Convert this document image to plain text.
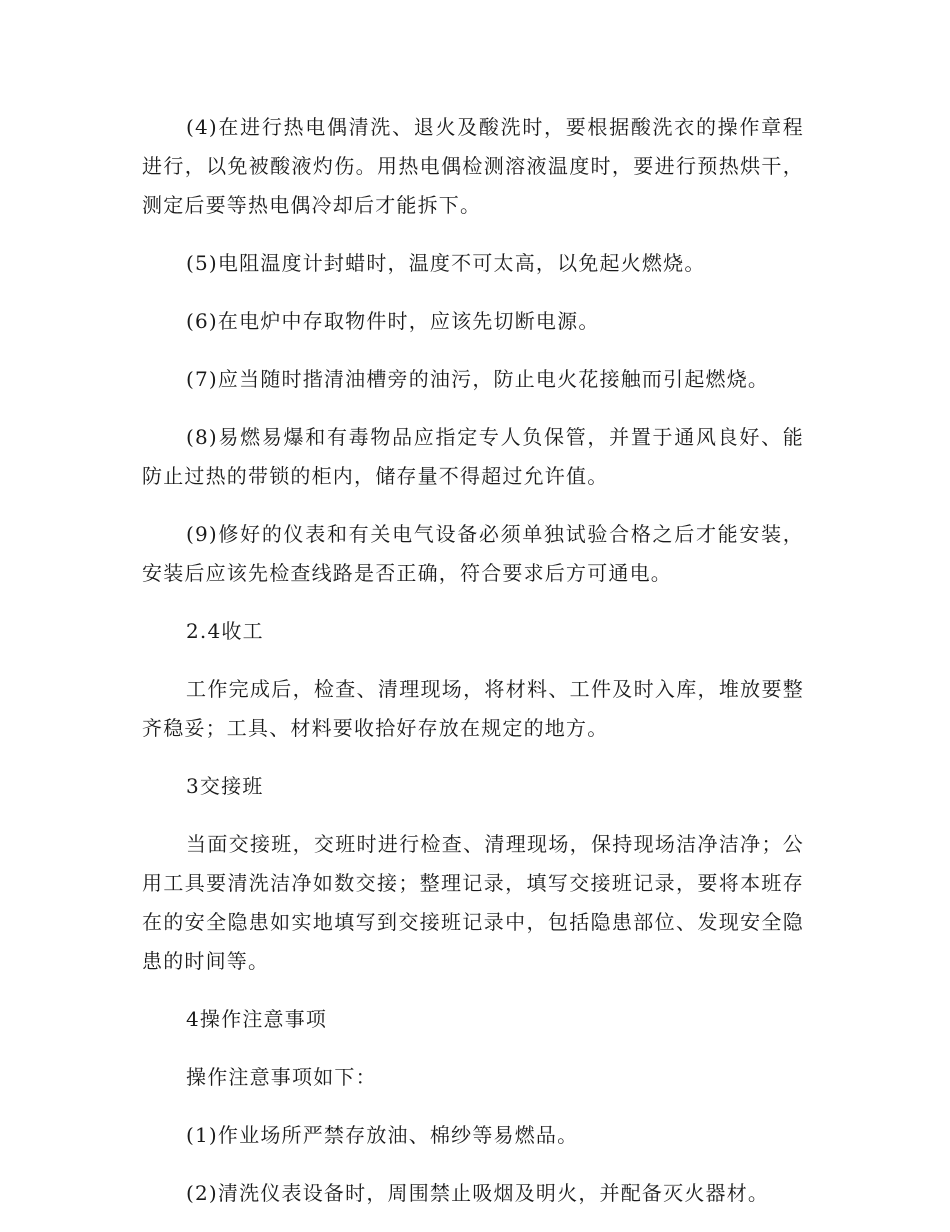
(4)在进行热电偶清洗、退火及酸洗时，要根据酸洗衣的操作章程进行，以免被酸液灼伤。用热电偶检测溶液温度时，要进行预热烘干，测定后要等热电偶冷却后才能拆下。

(5)电阻温度计封蜡时，温度不可太高，以免起火燃烧。

(6)在电炉中存取物件时，应该先切断电源。

(7)应当随时揩清油槽旁的油污，防止电火花接触而引起燃烧。

(8)易燃易爆和有毒物品应指定专人负保管，并置于通风良好、能防止过热的带锁的柜内，储存量不得超过允许值。

(9)修好的仪表和有关电气设备必须单独试验合格之后才能安装，安装后应该先检查线路是否正确，符合要求后方可通电。

2.4收工

工作完成后，检查、清理现场，将材料、工件及时入库，堆放要整齐稳妥；工具、材料要收拾好存放在规定的地方。

3交接班

当面交接班，交班时进行检查、清理现场，保持现场洁净洁净；公用工具要清洗洁净如数交接；整理记录，填写交接班记录，要将本班存在的安全隐患如实地填写到交接班记录中，包括隐患部位、发现安全隐患的时间等。

4操作注意事项

操作注意事项如下：

(1)作业场所严禁存放油、棉纱等易燃品。

(2)清洗仪表设备时，周围禁止吸烟及明火，并配备灭火器材。
